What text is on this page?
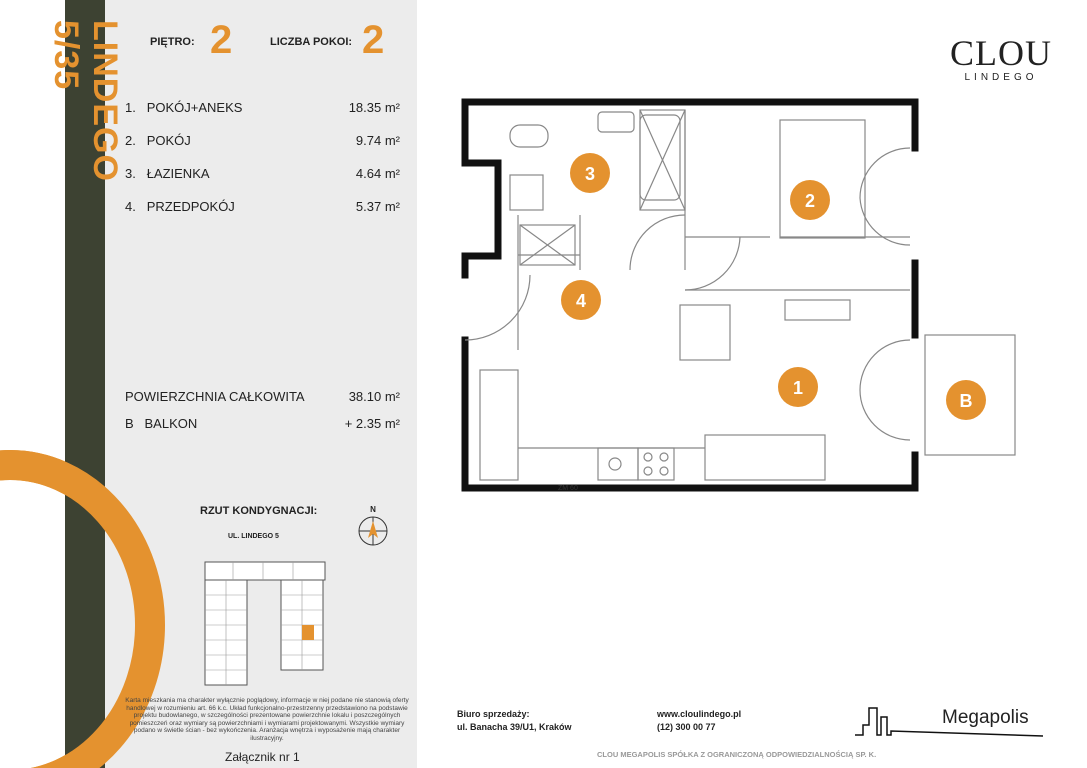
LINDEGO 5/35	PIĘTRO: 2	LICZBA POKOI: 2
1. POKÓJ+ANEKS	18.35 m²
2. POKÓJ	9.74 m²
3. ŁAZIENKA	4.64 m²
4. PRZEDPOKÓJ	5.37 m²
POWIERZCHNIA CAŁKOWITA	38.10 m²
B BALKON	+ 2.35 m²
RZUT KONDYGNACJI:
UL. LINDEGO 5
N
Karta mieszkania ma charakter wyłącznie poglądowy, informacje w niej podane nie stanowią oferty handlowej w rozumieniu art. 66 k.c. Układ funkcjonalno-przestrzenny przedstawiono na podstawie projektu budowlanego, w szczególności prezentowane powierzchnie lokalu i poszczególnych pomieszczeń oraz wymiary są powierzchniami i wymiarami projektowanymi. Wszystkie wymiary podano w świetle ścian - bez wykończenia. Aranżacja wnętrza i wyposażenie mają charakter ilustracyjny.
Załącznik nr 1
CLOU
LINDEGO
1
2
3
4
B
ZM 60
Biuro sprzedaży:
ul. Banacha 39/U1, Kraków
www.cloulindego.pl
(12) 300 00 77	Megapolis
CLOU MEGAPOLIS SPÓŁKA Z OGRANICZONĄ ODPOWIEDZIALNOŚCIĄ SP. K.
